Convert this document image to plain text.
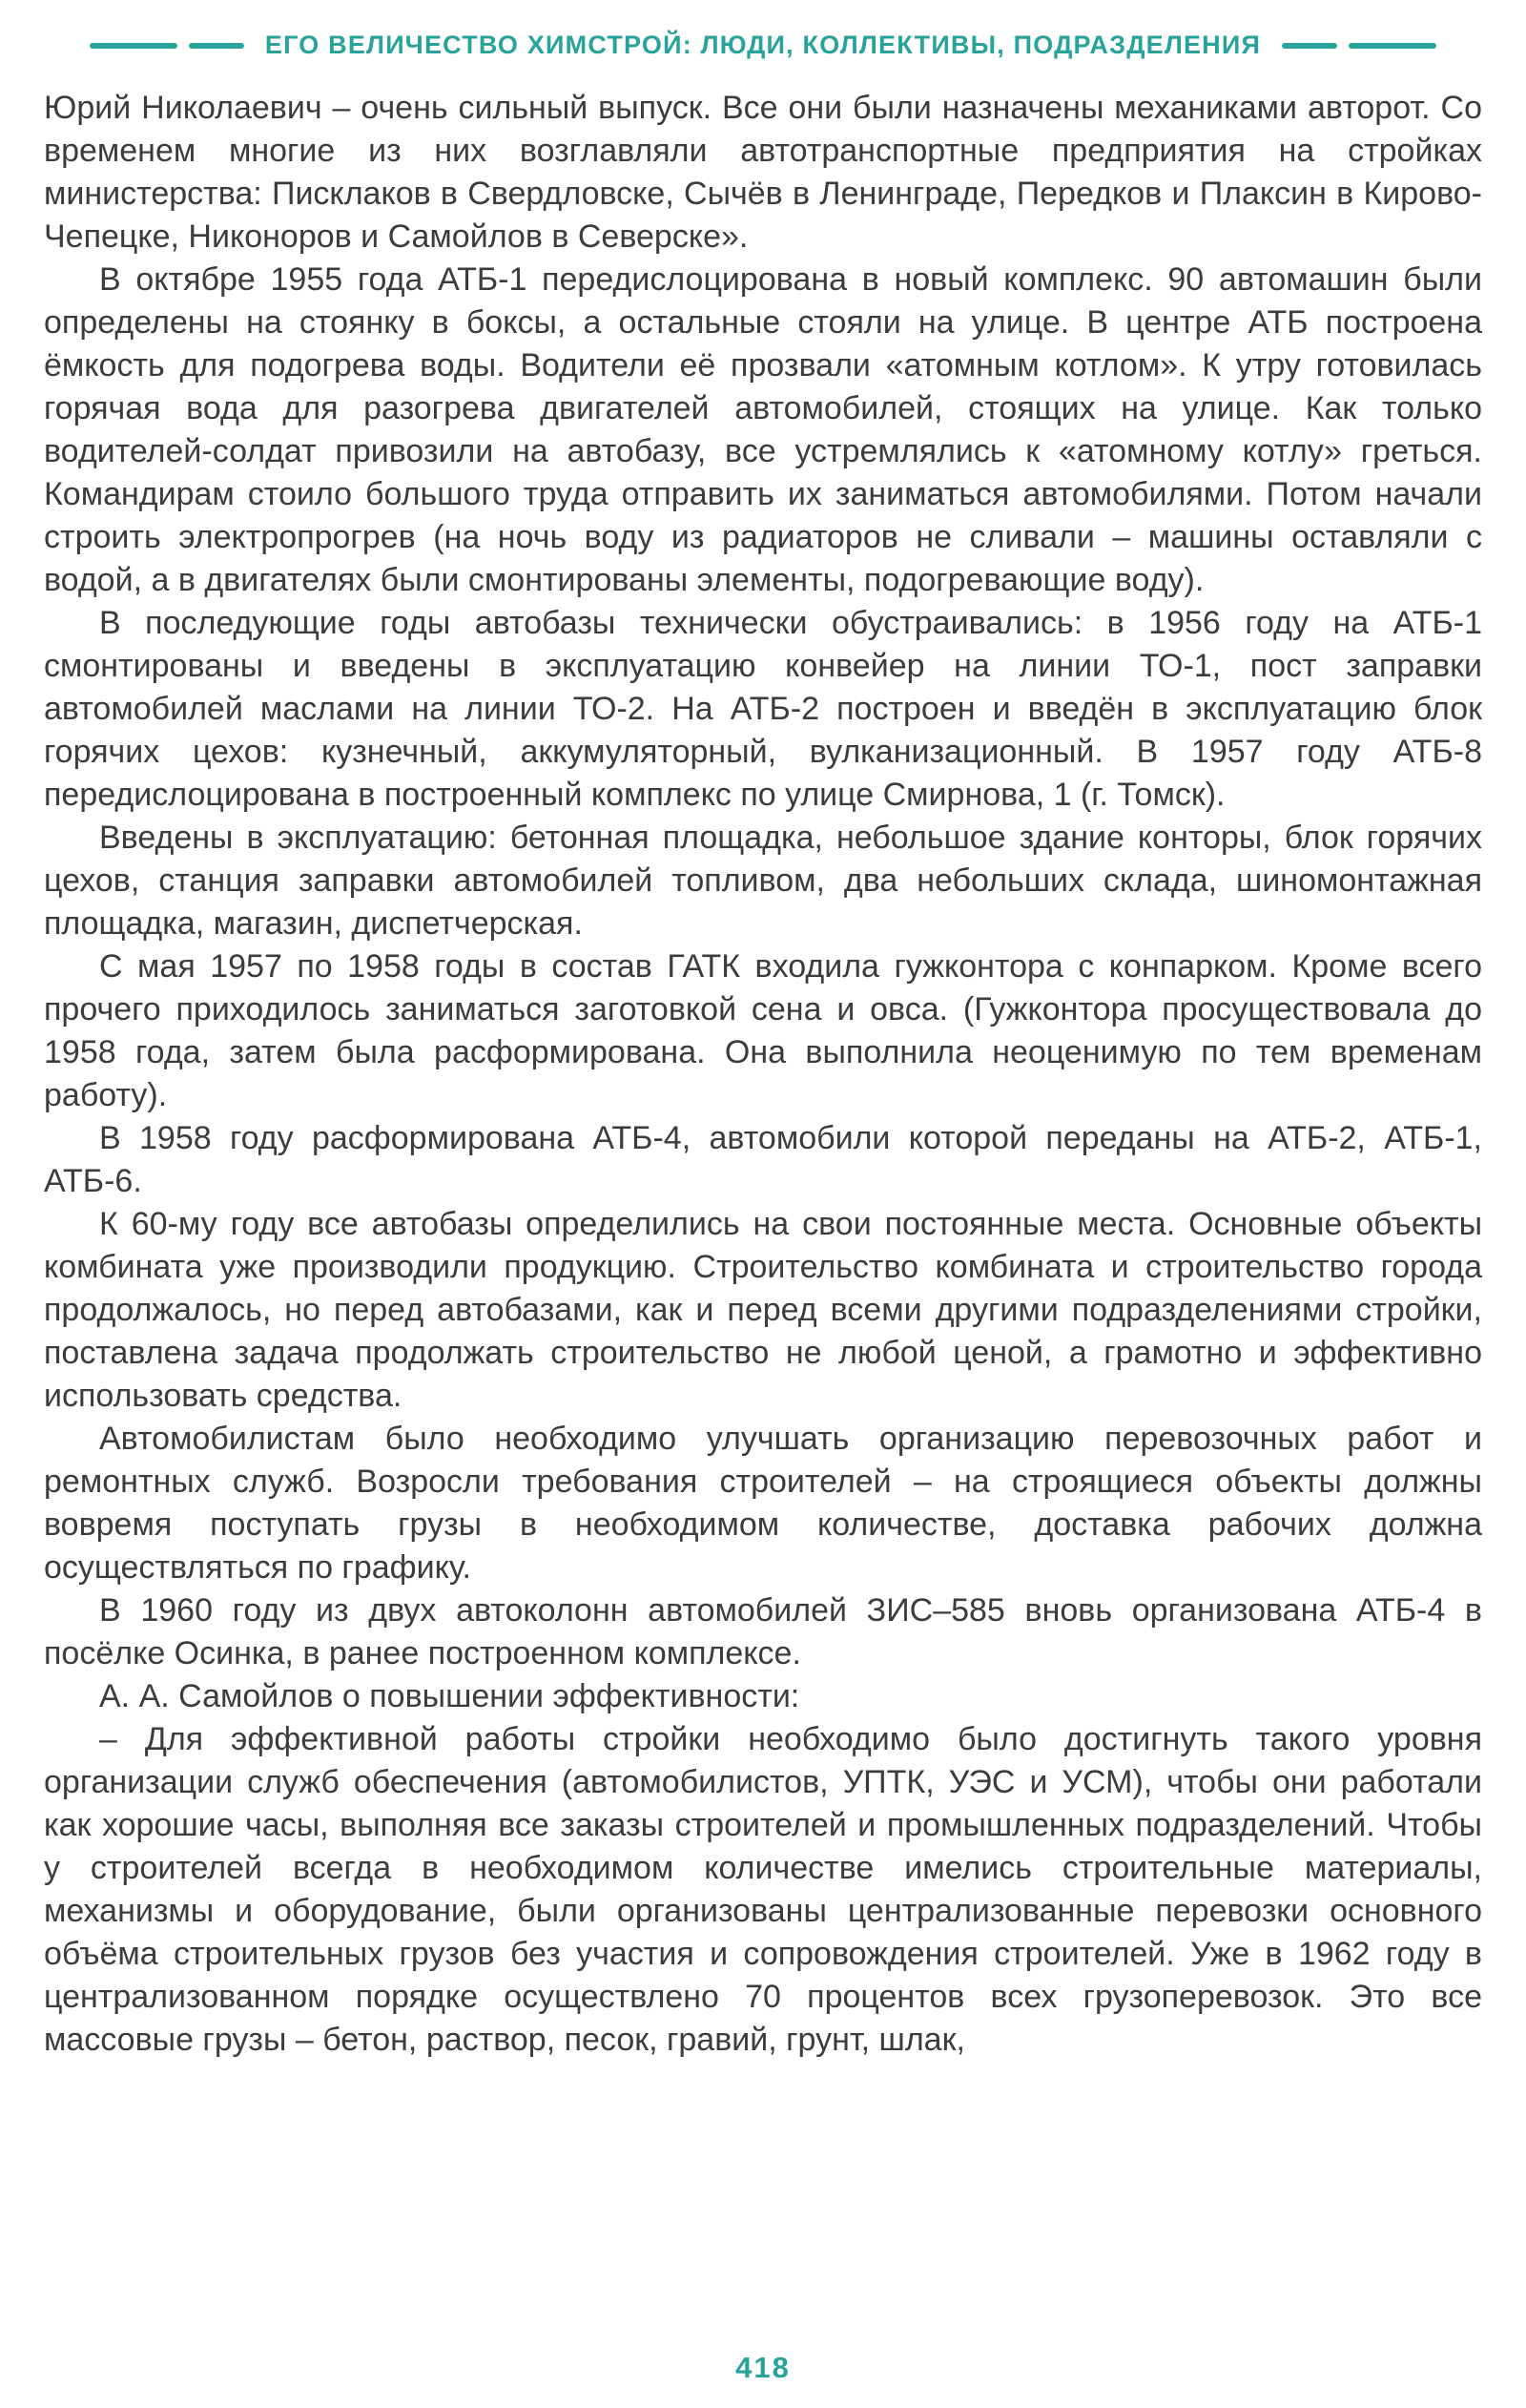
ЕГО ВЕЛИЧЕСТВО ХИМСТРОЙ: ЛЮДИ, КОЛЛЕКТИВЫ, ПОДРАЗДЕЛЕНИЯ

Юрий Николаевич – очень сильный выпуск. Все они были назначены механиками авторот. Со временем многие из них возглавляли автотранспортные предприятия на стройках министерства: Писклаков в Свердловске, Сычёв в Ленинграде, Передков и Плаксин в Кирово-Чепецке, Никоноров и Самойлов в Северске».

В октябре 1955 года АТБ-1 передислоцирована в новый комплекс. 90 автомашин были определены на стоянку в боксы, а остальные стояли на улице. В центре АТБ построена ёмкость для подогрева воды. Водители её прозвали «атомным котлом». К утру готовилась горячая вода для разогрева двигателей автомобилей, стоящих на улице. Как только водителей-солдат привозили на автобазу, все устремлялись к «атомному котлу» греться. Командирам стоило большого труда отправить их заниматься автомобилями. Потом начали строить электропрогрев (на ночь воду из радиаторов не сливали – машины оставляли с водой, а в двигателях были смонтированы элементы, подогревающие воду).

В последующие годы автобазы технически обустраивались: в 1956 году на АТБ-1 смонтированы и введены в эксплуатацию конвейер на линии ТО-1, пост заправки автомобилей маслами на линии ТО-2. На АТБ-2 построен и введён в эксплуатацию блок горячих цехов: кузнечный, аккумуляторный, вулканизационный. В 1957 году АТБ-8 передислоцирована в построенный комплекс по улице Смирнова, 1 (г. Томск).

Введены в эксплуатацию: бетонная площадка, небольшое здание конторы, блок горячих цехов, станция заправки автомобилей топливом, два небольших склада, шиномонтажная площадка, магазин, диспетчерская.

С мая 1957 по 1958 годы в состав ГАТК входила гужконтора с конпарком. Кроме всего прочего приходилось заниматься заготовкой сена и овса. (Гужконтора просуществовала до 1958 года, затем была расформирована. Она выполнила неоценимую по тем временам работу).

В 1958 году расформирована АТБ-4, автомобили которой переданы на АТБ-2, АТБ-1, АТБ-6.

К 60-му году все автобазы определились на свои постоянные места. Основные объекты комбината уже производили продукцию. Строительство комбината и строительство города продолжалось, но перед автобазами, как и перед всеми другими подразделениями стройки, поставлена задача продолжать строительство не любой ценой, а грамотно и эффективно использовать средства.

Автомобилистам было необходимо улучшать организацию перевозочных работ и ремонтных служб. Возросли требования строителей – на строящиеся объекты должны вовремя поступать грузы в необходимом количестве, доставка рабочих должна осуществляться по графику.

В 1960 году из двух автоколонн автомобилей ЗИС–585 вновь организована АТБ-4 в посёлке Осинка, в ранее построенном комплексе.

А. А. Самойлов о повышении эффективности:

– Для эффективной работы стройки необходимо было достигнуть такого уровня организации служб обеспечения (автомобилистов, УПТК, УЭС и УСМ), чтобы они работали как хорошие часы, выполняя все заказы строителей и промышленных подразделений. Чтобы у строителей всегда в необходимом количестве имелись строительные материалы, механизмы и оборудование, были организованы централизованные перевозки основного объёма строительных грузов без участия и сопровождения строителей. Уже в 1962 году в централизованном порядке осуществлено 70 процентов всех грузоперевозок. Это все массовые грузы – бетон, раствор, песок, гравий, грунт, шлак,

418
